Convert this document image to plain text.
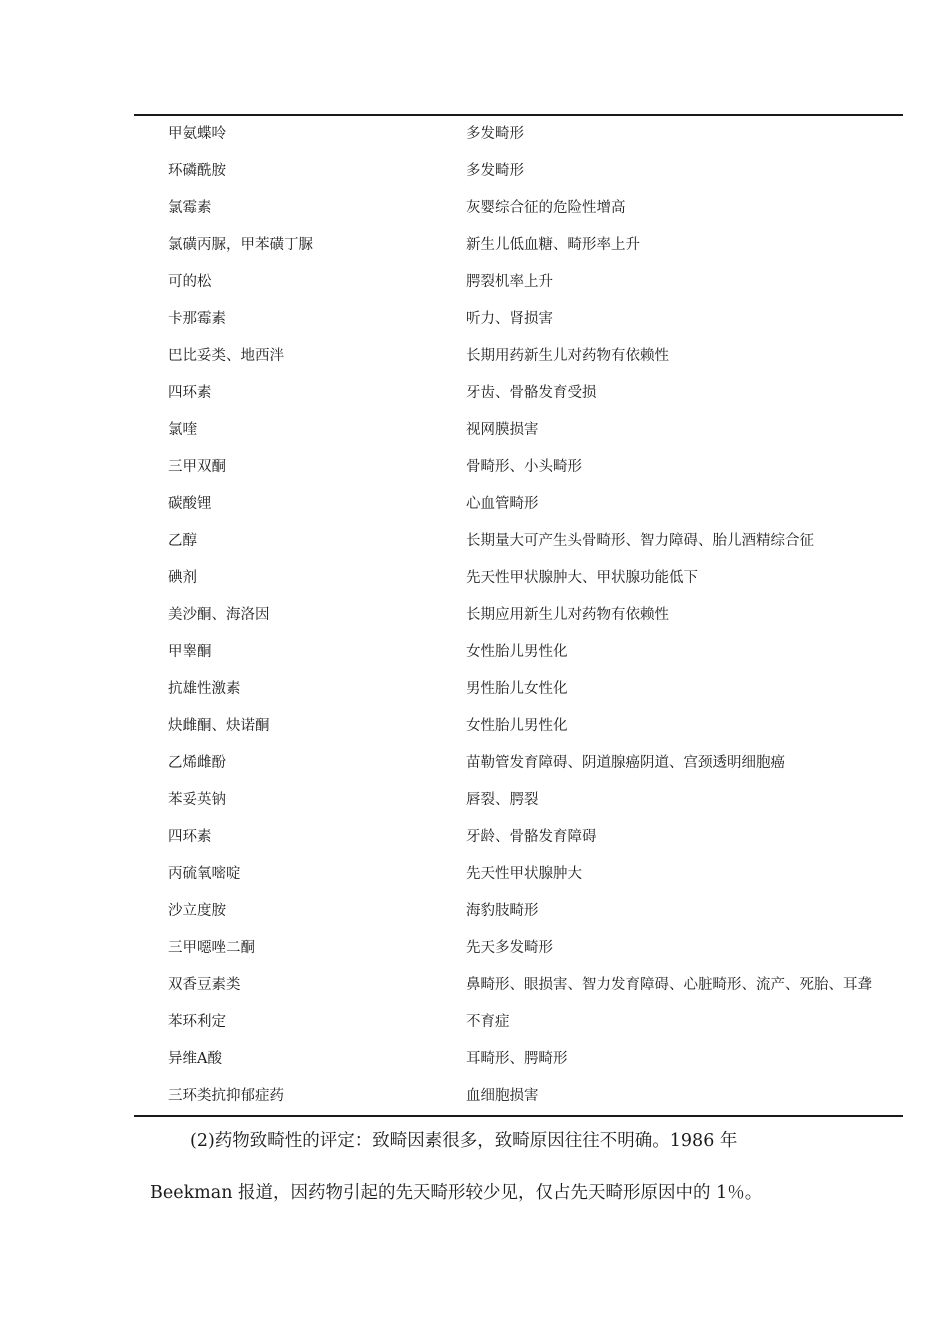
甲氨蝶呤	多发畸形
环磷酰胺	多发畸形
氯霉素	灰婴综合征的危险性增高
氯磺丙脲，甲苯磺丁脲	新生儿低血糖、畸形率上升
可的松	腭裂机率上升
卡那霉素	听力、肾损害
巴比妥类、地西泮	长期用药新生儿对药物有依赖性
四环素	牙齿、骨骼发育受损
氯喹	视网膜损害
三甲双酮	骨畸形、小头畸形
碳酸锂	心血管畸形
乙醇	长期量大可产生头骨畸形、智力障碍、胎儿酒精综合征
碘剂	先天性甲状腺肿大、甲状腺功能低下
美沙酮、海洛因	长期应用新生儿对药物有依赖性
甲睾酮	女性胎儿男性化
抗雄性激素	男性胎儿女性化
炔雌酮、炔诺酮	女性胎儿男性化
乙烯雌酚	苗勒管发育障碍、阴道腺癌阴道、宫颈透明细胞癌
苯妥英钠	唇裂、腭裂
四环素	牙龄、骨骼发育障碍
丙硫氧嘧啶	先天性甲状腺肿大
沙立度胺	海豹肢畸形
三甲噁唑二酮	先天多发畸形
双香豆素类	鼻畸形、眼损害、智力发育障碍、心脏畸形、流产、死胎、耳聋
苯环利定	不育症
异维A酸	耳畸形、腭畸形
三环类抗抑郁症药	血细胞损害
(2)药物致畸性的评定：致畸因素很多，致畸原因往往不明确。1986 年
Beekman 报道，因药物引起的先天畸形较少见，仅占先天畸形原因中的 1％。
